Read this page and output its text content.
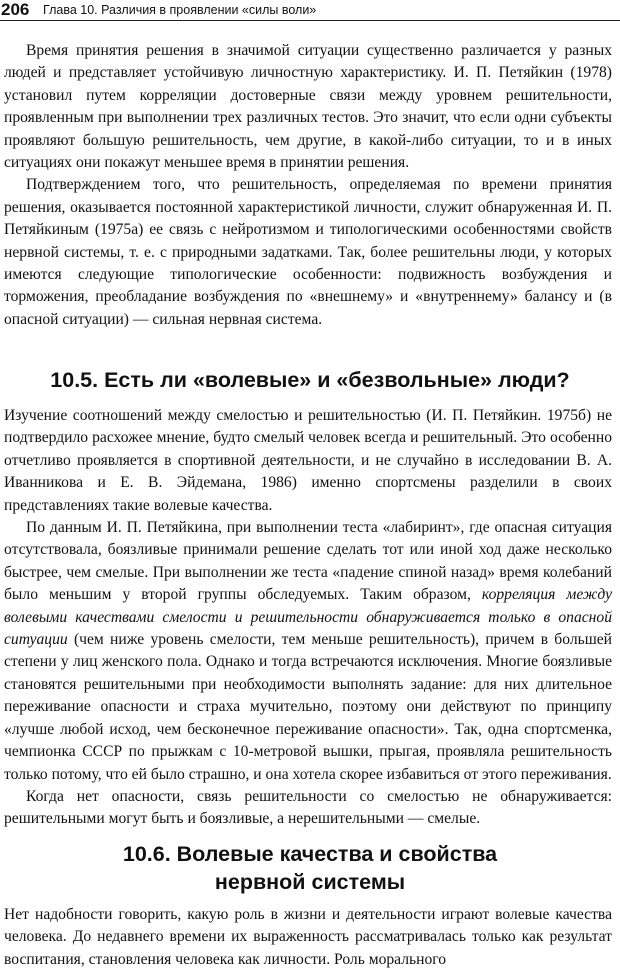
206 Глава 10. Различия в проявлении «силы воли»

Время принятия решения в значимой ситуации существенно различается у разных людей и представляет устойчивую личностную характеристику. И. П. Петяйкин (1978) установил путем корреляции достоверные связи между уровнем решительности, проявленным при выполнении трех различных тестов. Это значит, что если одни субъекты проявляют большую решительность, чем другие, в какой-либо ситуации, то и в иных ситуациях они покажут меньшее время в принятии решения.

Подтверждением того, что решительность, определяемая по времени принятия решения, оказывается постоянной характеристикой личности, служит обнаруженная И. П. Петяйкиным (1975а) ее связь с нейротизмом и типологическими особенностями свойств нервной системы, т. е. с природными задатками. Так, более решительны люди, у которых имеются следующие типологические особенности: подвижность возбуждения и торможения, преобладание возбуждения по «внешнему» и «внутреннему» балансу и (в опасной ситуации) — сильная нервная система.

10.5. Есть ли «волевые» и «безвольные» люди?

Изучение соотношений между смелостью и решительностью (И. П. Петяйкин. 1975б) не подтвердило расхожее мнение, будто смелый человек всегда и решительный. Это особенно отчетливо проявляется в спортивной деятельности, и не случайно в исследовании В. А. Иванникова и Е. В. Эйдемана, 1986) именно спортсмены разделили в своих представлениях такие волевые качества.

По данным И. П. Петяйкина, при выполнении теста «лабиринт», где опасная ситуация отсутствовала, боязливые принимали решение сделать тот или иной ход даже несколько быстрее, чем смелые. При выполнении же теста «падение спиной назад» время колебаний было меньшим у второй группы обследуемых. Таким образом, корреляция между волевыми качествами смелости и решительности обнаруживается только в опасной ситуации (чем ниже уровень смелости, тем меньше решительность), причем в большей степени у лиц женского пола. Однако и тогда встречаются исключения. Многие боязливые становятся решительными при необходимости выполнять задание: для них длительное переживание опасности и страха мучительно, поэтому они действуют по принципу «лучше любой исход, чем бесконечное переживание опасности». Так, одна спортсменка, чемпионка СССР по прыжкам с 10-метровой вышки, прыгая, проявляла решительность только потому, что ей было страшно, и она хотела скорее избавиться от этого переживания.

Когда нет опасности, связь решительности со смелостью не обнаруживается: решительными могут быть и боязливые, а нерешительными — смелые.

10.6. Волевые качества и свойства
нервной системы

Нет надобности говорить, какую роль в жизни и деятельности играют волевые качества человека. До недавнего времени их выраженность рассматривалась только как результат воспитания, становления человека как личности. Роль морального
